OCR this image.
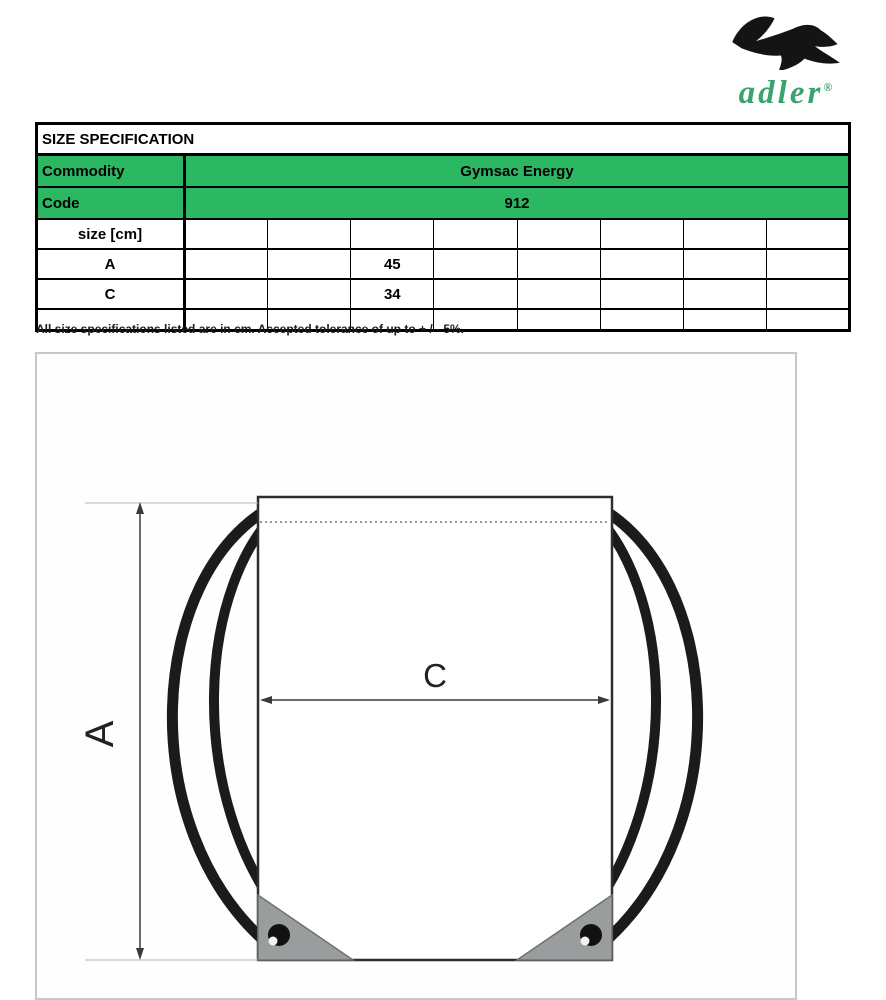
adler®
SIZE SPECIFICATION								
Commodity	Gymsac Energy							
Code	912							
size [cm]								
A			45					
C			34					

All size specifications listed are in cm. Accepted tolerance of up to + / - 5%.
A
C
